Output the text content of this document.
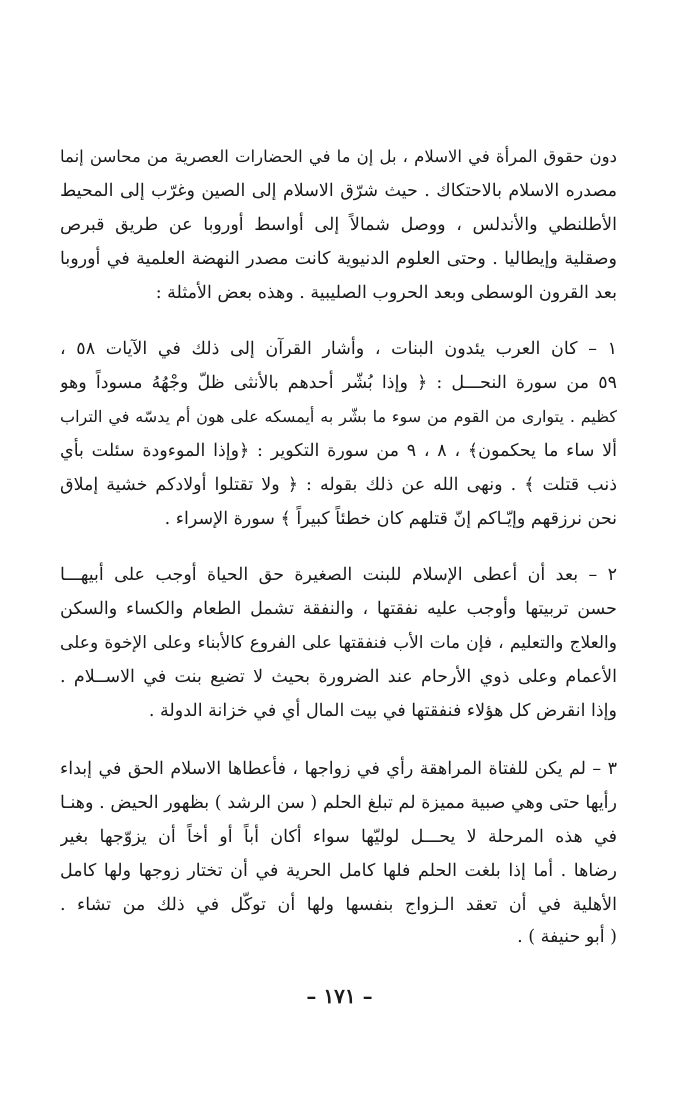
دون حقوق المرأة في الاسلام ، بل إن ما في الحضارات العصرية من محاسن إنما
مصدره الاسلام بالاحتكاك . حيث شرّق الاسلام إلى الصين وغرّب إلى المحيط
الأطلنطي والأندلس ، ووصل شمالاً إلى أواسط أوروبا عن طريق قبرص
وصقلية وإيطاليا . وحتى العلوم الدنيوية كانت مصدر النهضة العلمية في أوروبا
بعد القرون الوسطى وبعد الحروب الصليبية . وهذه بعض الأمثلة :
١ – كان العرب يئدون البنات ، وأشار القرآن إلى ذلك في الآيات ٥٨ ،
٥٩ من سورة النحـــل : ﴿ وإذا بُشّر أحدهم بالأنثى ظلّ وجْهُهُ مسوداً وهو
كظيم . يتوارى من القوم من سوء ما بشّر به أيمسكه على هون أم يدسّه في التراب
ألا ساء ما يحكمون﴾ ، ٨ ، ٩ من سورة التكوير : ﴿وإذا الموءودة سئلت بأي
ذنب قتلت ﴾ . ونهى الله عن ذلك بقوله : ﴿ ولا تقتلوا أولادكم خشية إملاق
نحن نرزقهم وإيّـاكم إنّ قتلهم كان خطئاً كبيراً ﴾ سورة الإسراء .
٢ – بعد أن أعطى الإسلام للبنت الصغيرة حق الحياة أوجب على أبيهـــا
حسن تربيتها وأوجب عليه نفقتها ، والنفقة تشمل الطعام والكساء والسكن
والعلاج والتعليم ، فإن مات الأب فنفقتها على الفروع كالأبناء وعلى الإخوة وعلى
الأعمام وعلى ذوي الأرحام عند الضرورة بحيث لا تضيع بنت في الاســلام .
وإذا انقرض كل هؤلاء فنفقتها في بيت المال أي في خزانة الدولة .
٣ – لم يكن للفتاة المراهقة رأي في زواجها ، فأعطاها الاسلام الحق في إبداء
رأيها حتى وهي صبية مميزة لم تبلغ الحلم ( سن الرشد ) بظهور الحيض . وهنـا
في هذه المرحلة لا يحـــل لوليّها سواء أكان أباً أو أخاً أن يزوّجها بغير
رضاها . أما إذا بلغت الحلم فلها كامل الحرية في أن تختار زوجها ولها كامل
الأهلية في أن تعقد الـزواج بنفسها ولها أن توكّل في ذلك من تشاء .
( أبو حنيفة ) .
– ١٧١ –
